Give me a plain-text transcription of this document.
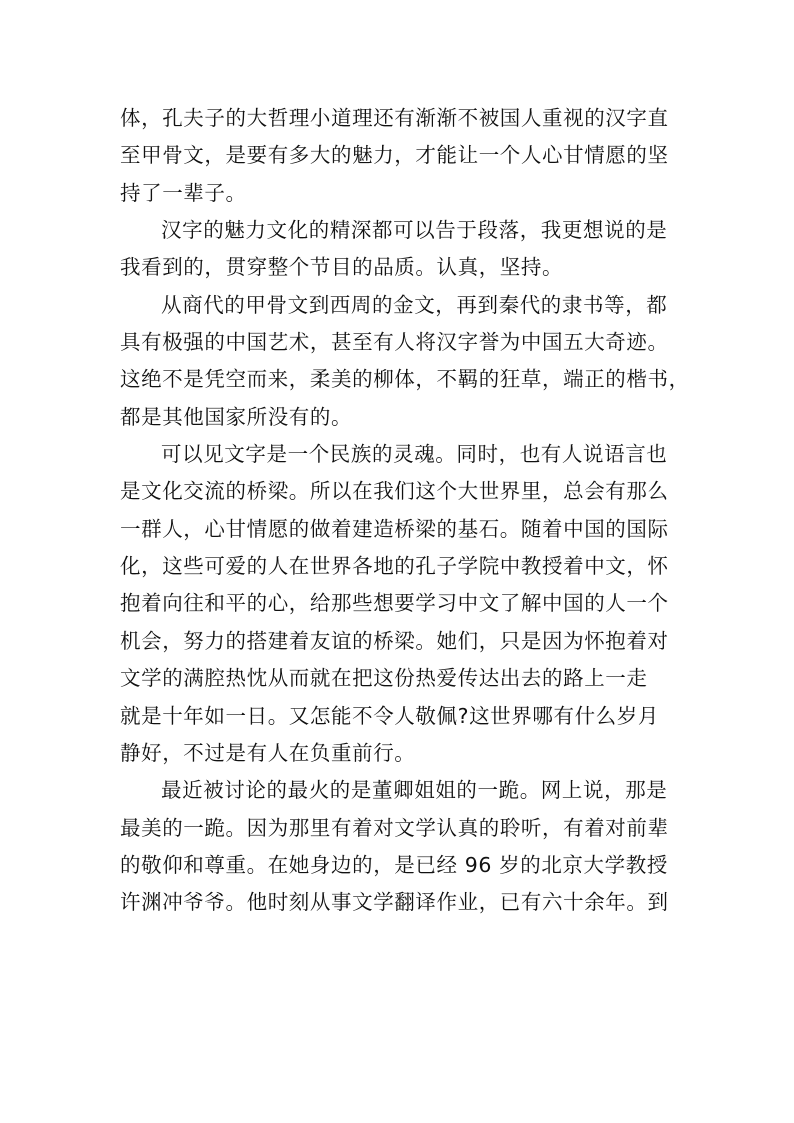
体，孔夫子的大哲理小道理还有渐渐不被国人重视的汉字直
至甲骨文，是要有多大的魅力，才能让一个人心甘情愿的坚
持了一辈子。
汉字的魅力文化的精深都可以告于段落，我更想说的是
我看到的，贯穿整个节目的品质。认真，坚持。
从商代的甲骨文到西周的金文，再到秦代的隶书等，都
具有极强的中国艺术，甚至有人将汉字誉为中国五大奇迹。
这绝不是凭空而来，柔美的柳体，不羁的狂草，端正的楷书，
都是其他国家所没有的。
可以见文字是一个民族的灵魂。同时，也有人说语言也
是文化交流的桥梁。所以在我们这个大世界里，总会有那么
一群人，心甘情愿的做着建造桥梁的基石。随着中国的国际
化，这些可爱的人在世界各地的孔子学院中教授着中文，怀
抱着向往和平的心，给那些想要学习中文了解中国的人一个
机会，努力的搭建着友谊的桥梁。她们，只是因为怀抱着对
文学的满腔热忱从而就在把这份热爱传达出去的路上一走
就是十年如一日。又怎能不令人敬佩?这世界哪有什么岁月
静好，不过是有人在负重前行。
最近被讨论的最火的是董卿姐姐的一跪。网上说，那是
最美的一跪。因为那里有着对文学认真的聆听，有着对前辈
的敬仰和尊重。在她身边的，是已经 96 岁的北京大学教授
许渊冲爷爷。他时刻从事文学翻译作业，已有六十余年。到
